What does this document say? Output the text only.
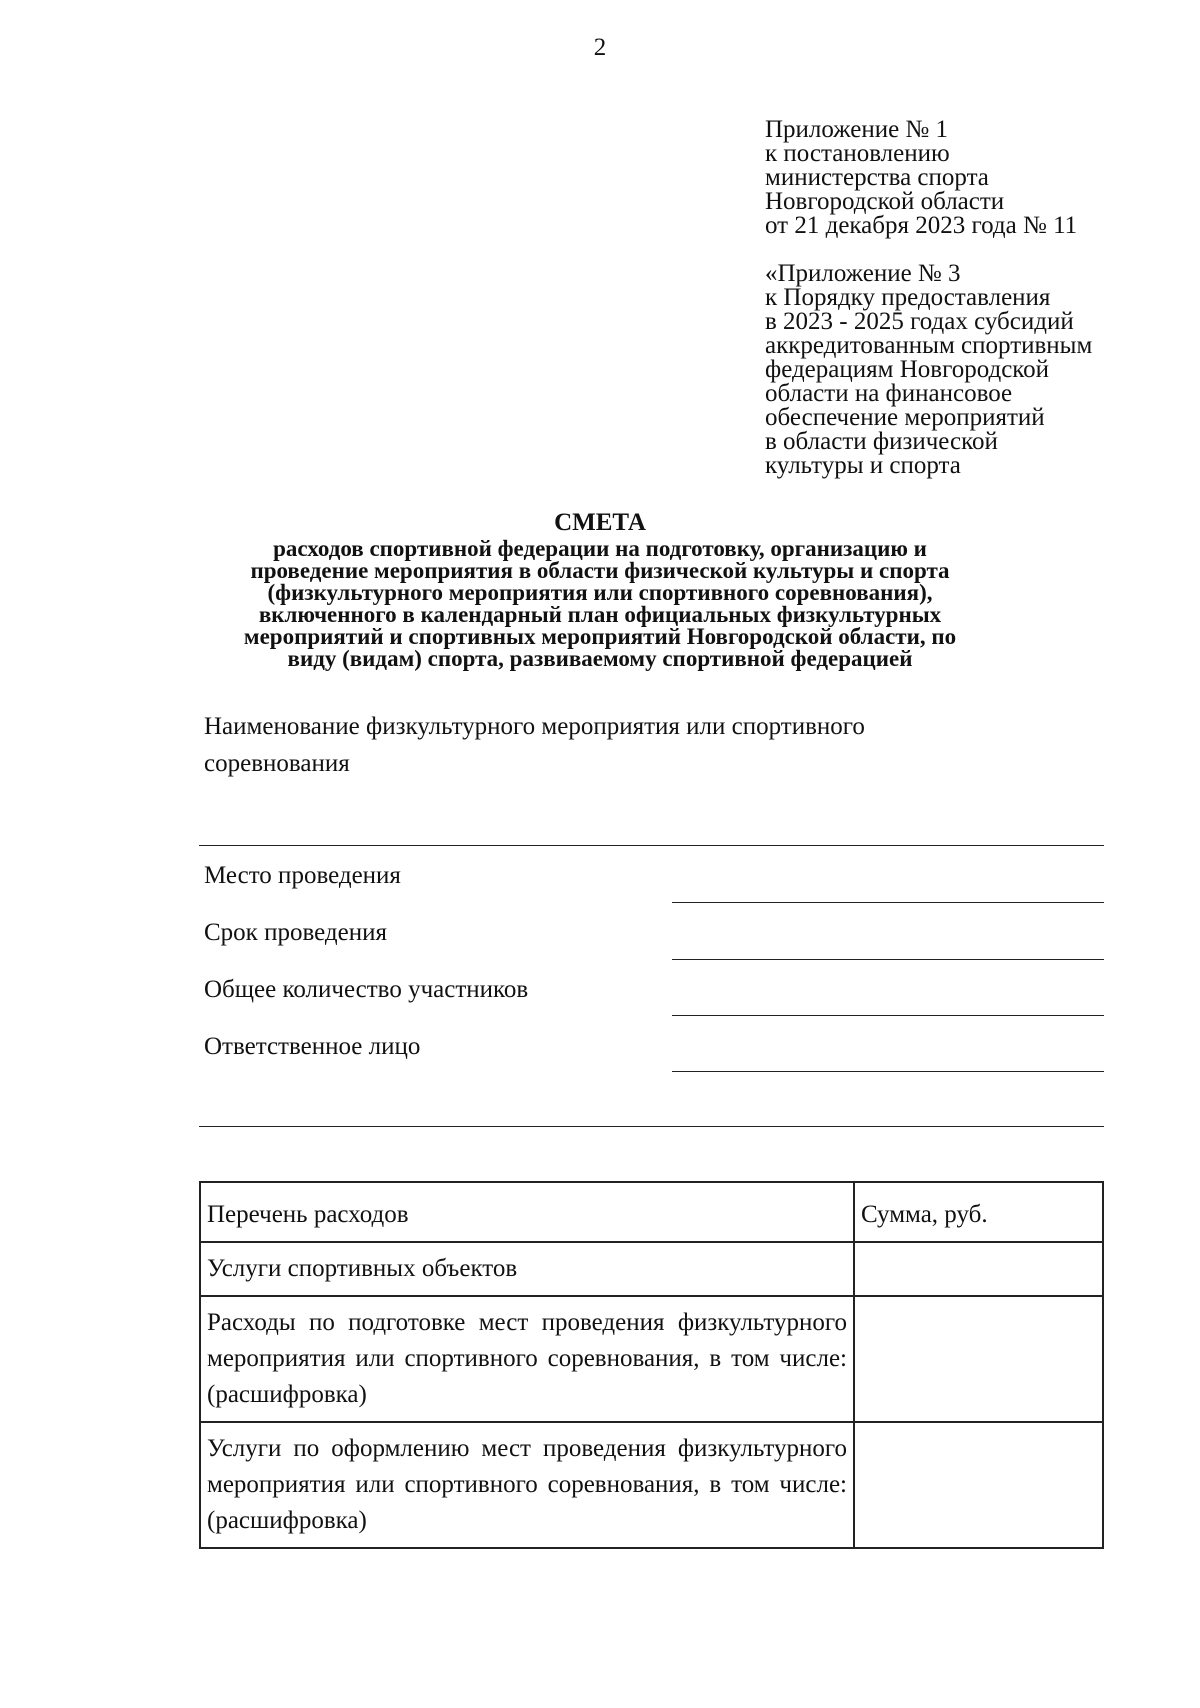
2
Приложение № 1
к постановлению
министерства спорта
Новгородской области
от 21 декабря 2023 года № 11
«Приложение № 3
к Порядку предоставления
в 2023 - 2025 годах субсидий
аккредитованным спортивным
федерациям Новгородской
области на финансовое
обеспечение мероприятий
в области физической
культуры и спорта
СМЕТА
расходов спортивной федерации на подготовку, организацию и
проведение мероприятия в области физической культуры и спорта
(физкультурного мероприятия или спортивного соревнования),
включенного в календарный план официальных физкультурных
мероприятий и спортивных мероприятий Новгородской области, по
виду (видам) спорта, развиваемому спортивной федерацией
Наименование физкультурного мероприятия или спортивного соревнования
Место проведения
Срок проведения
Общее количество участников
Ответственное лицо
Перечень расходов	Сумма, руб.
Услуги спортивных объектов	
Расходы по подготовке мест проведения физкультурного мероприятия или спортивного соревнования, в том числе: (расшифровка)	
Услуги по оформлению мест проведения физкультурного мероприятия или спортивного соревнования, в том числе: (расшифровка)	
